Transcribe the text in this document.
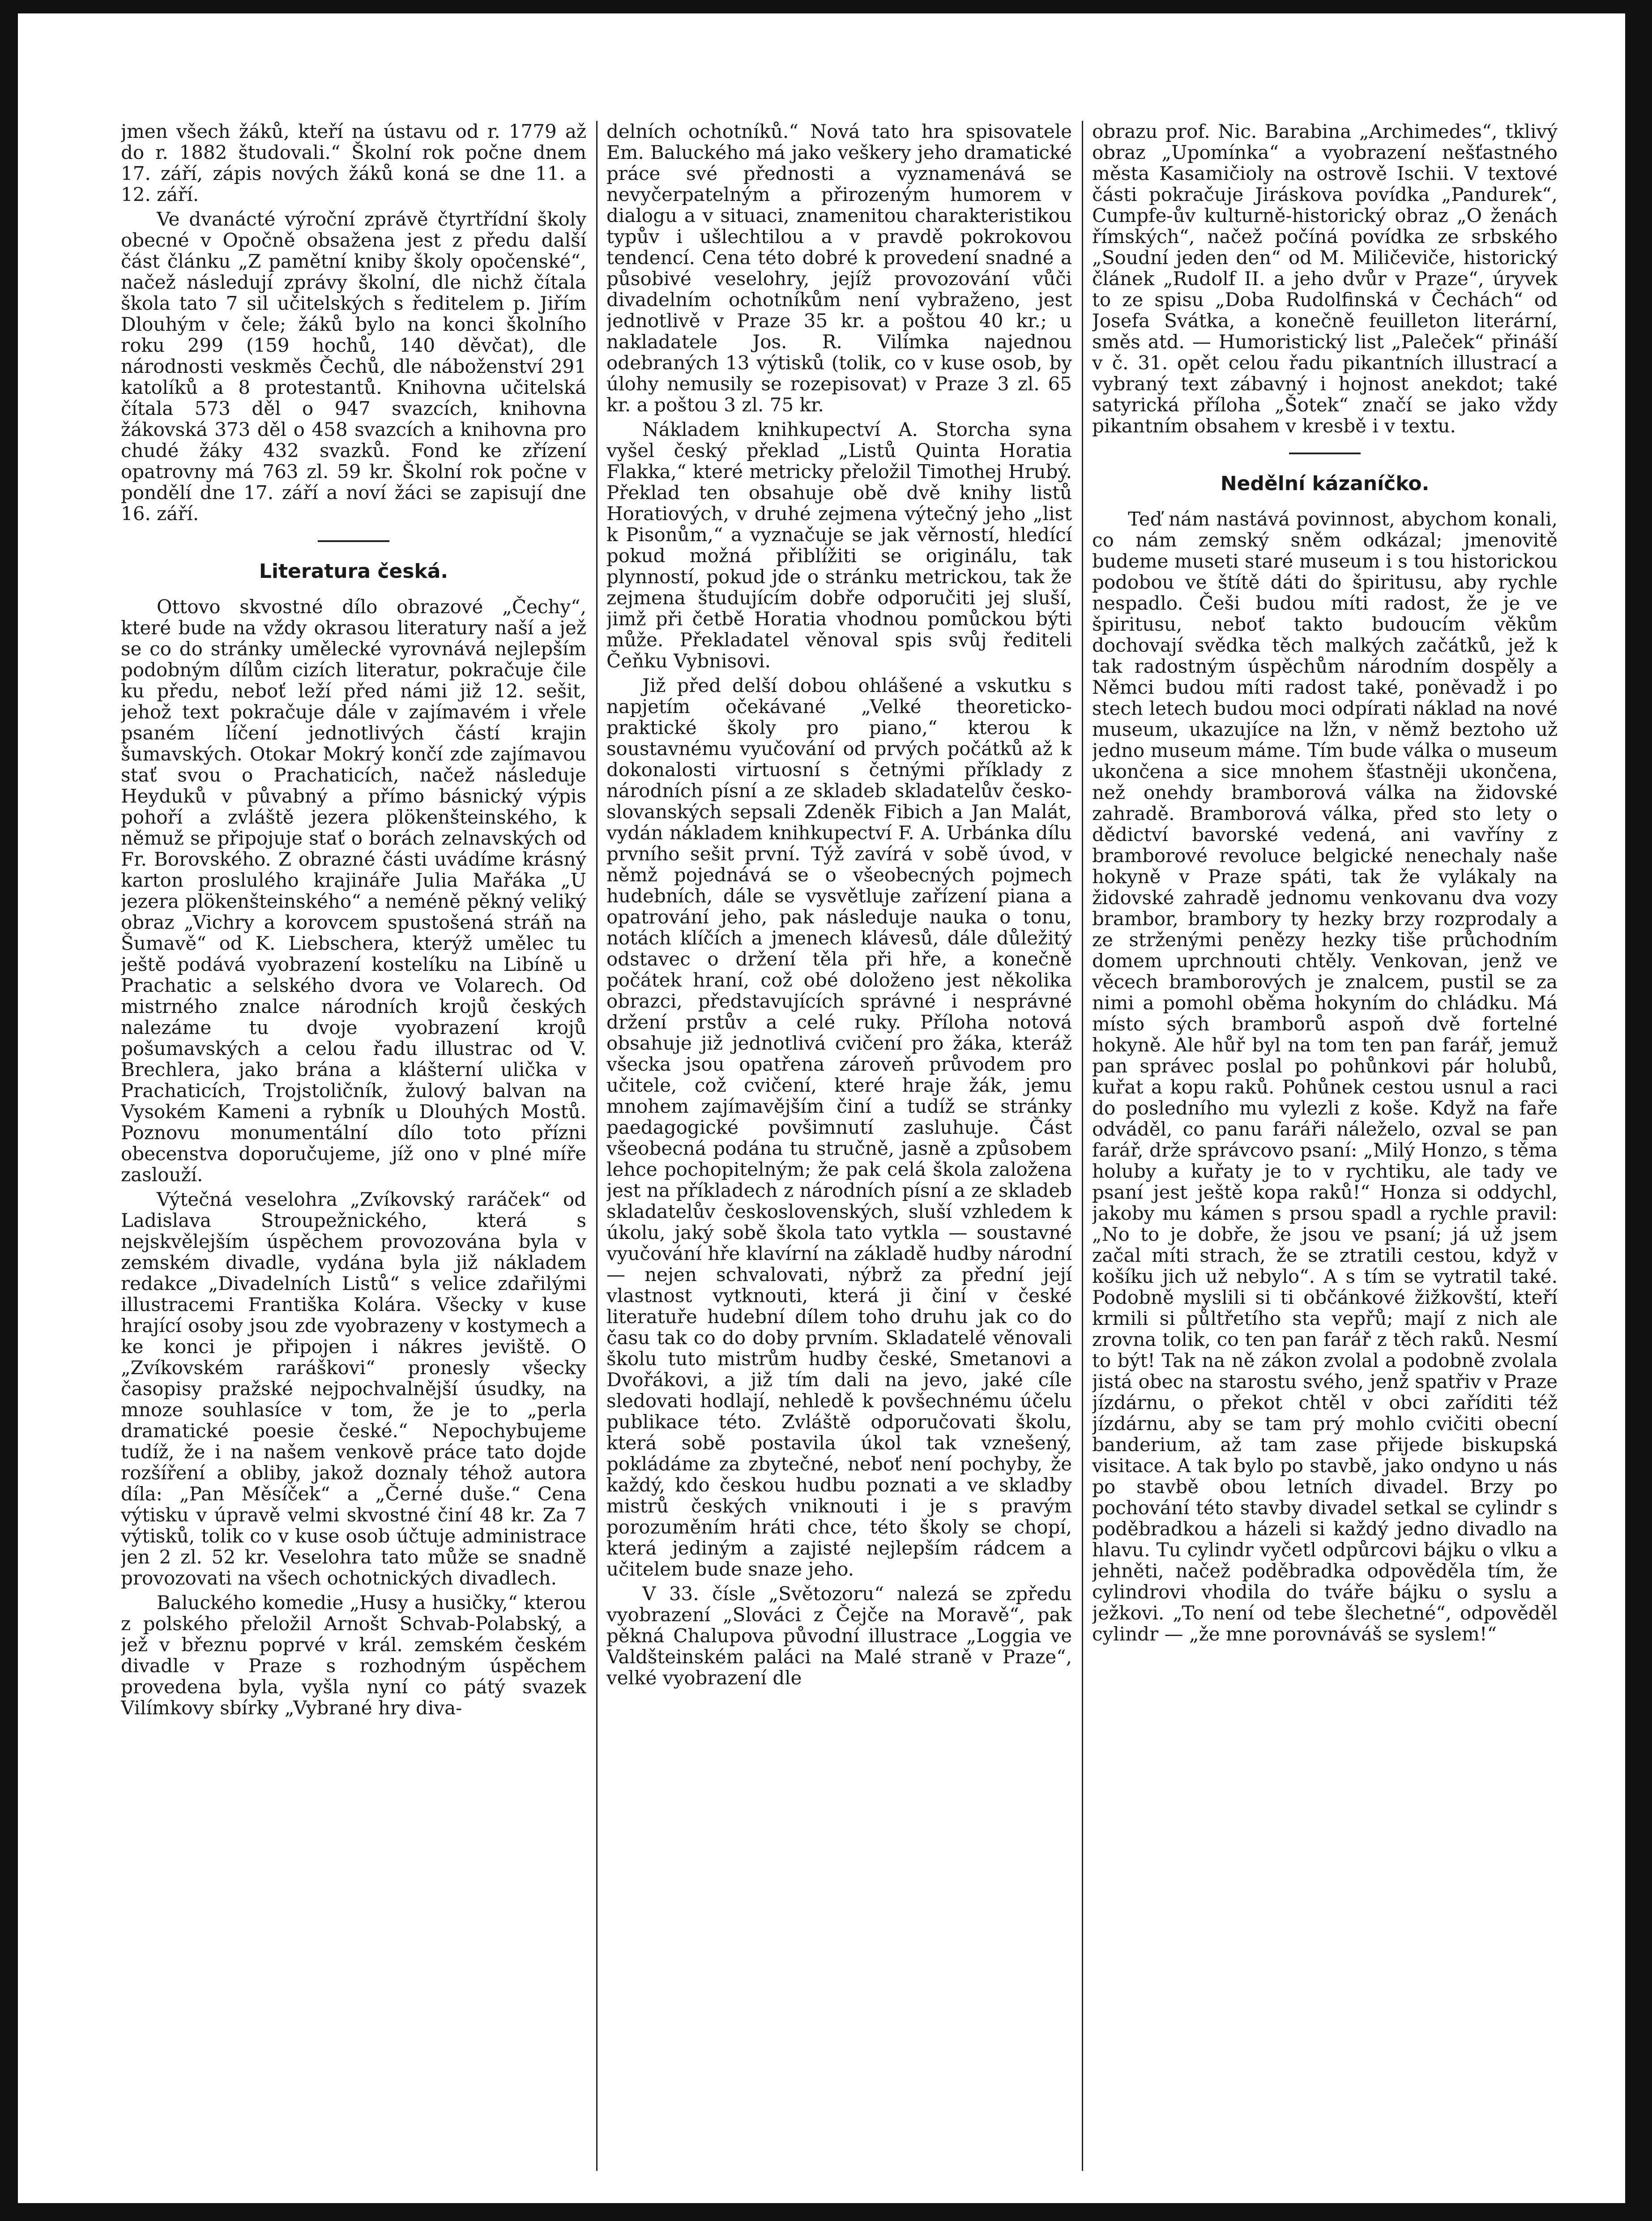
jmen všech žáků, kteří na ústavu od r. 1779 až do r. 1882 študovali.“ Školní rok počne dnem 17. září, zápis nových žáků koná se dne 11. a 12. září.

Ve dvanácté výroční zprávě čtyrtřídní školy obecné v Opočně obsažena jest z předu další část článku „Z pamětní kniby školy opočenské“, načež následují zprávy školní, dle nichž čítala škola tato 7 sil učitelských s ředitelem p. Jiřím Dlouhým v čele; žáků bylo na konci školního roku 299 (159 hochů, 140 děvčat), dle národnosti veskměs Čechů, dle náboženství 291 katolíků a 8 protestantů. Knihovna učitelská čítala 573 děl o 947 svazcích, knihovna žákovská 373 děl o 458 svazcích a knihovna pro chudé žáky 432 svazků. Fond ke zřízení opatrovny má 763 zl. 59 kr. Školní rok počne v pondělí dne 17. září a noví žáci se zapisují dne 16. září.

Literatura česká.

Ottovo skvostné dílo obrazové „Čechy“, které bude na vždy okrasou literatury naší a jež se co do stránky umělecké vyrovnává nejlepším podobným dílům cizích literatur, pokračuje čile ku předu, neboť leží před námi již 12. sešit, jehož text pokračuje dále v zajímavém i vřele psaném líčení jednotlivých částí krajin šumavských. Otokar Mokrý končí zde zajímavou stať svou o Prachaticích, načež následuje Heyduků v půvabný a přímo básnický výpis pohoří a zvláště jezera plökenšteinského, k němuž se připojuje stať o borách zelnavských od Fr. Borovského. Z obrazné části uvádíme krásný karton proslulého krajináře Julia Mařáka „U jezera plökenšteinského“ a neméně pěkný veliký obraz „Vichry a korovcem spustošená stráň na Šumavě“ od K. Liebschera, kterýž umělec tu ještě podává vyobrazení kostelíku na Libíně u Prachatic a selského dvora ve Volarech. Od mistrného znalce národních krojů českých nalezáme tu dvoje vyobrazení krojů pošumavských a celou řadu illustrac od V. Brechlera, jako brána a klášterní ulička v Prachaticích, Trojstoličník, žulový balvan na Vysokém Kameni a rybník u Dlouhých Mostů. Poznovu monumentální dílo toto přízni obecenstva doporučujeme, jíž ono v plné míře zaslouží.

Výtečná veselohra „Zvíkovský raráček“ od Ladislava Stroupežnického, která s nejskvělejším úspěchem provozována byla v zemském divadle, vydána byla již nákladem redakce „Divadelních Listů“ s velice zdařilými illustracemi Františka Kolára. Všecky v kuse hrající osoby jsou zde vyobrazeny v kostymech a ke konci je připojen i nákres jeviště. O „Zvíkovském raráškovi“ pronesly všecky časopisy pražské nejpochvalnější úsudky, na mnoze souhlasíce v tom, že je to „perla dramatické poesie české.“ Nepochybujeme tudíž, že i na našem venkově práce tato dojde rozšíření a obliby, jakož doznaly téhož autora díla: „Pan Měsíček“ a „Černé duše.“ Cena výtisku v úpravě velmi skvostné činí 48 kr. Za 7 výtisků, tolik co v kuse osob účtuje administrace jen 2 zl. 52 kr. Veselohra tato může se snadně provozovati na všech ochotnických divadlech.

Baluckého komedie „Husy a husičky,“ kterou z polského přeložil Arnošt Schvab-Polabský, a jež v březnu poprvé v král. zemském českém divadle v Praze s rozhodným úspěchem provedena byla, vyšla nyní co pátý svazek Vilímkovy sbírky „Vybrané hry diva-

delních ochotníků.“ Nová tato hra spisovatele Em. Baluckého má jako veškery jeho dramatické práce své přednosti a vyznamenává se nevyčerpatelným a přirozeným humorem v dialogu a v situaci, znamenitou charakteristikou typův i ušlechtilou a v pravdě pokrokovou tendencí. Cena této dobré k provedení snadné a působivé veselohry, jejíž provozování vůči divadelním ochotníkům není vybraženo, jest jednotlivě v Praze 35 kr. a poštou 40 kr.; u nakladatele Jos. R. Vilímka najednou odebraných 13 výtisků (tolik, co v kuse osob, by úlohy nemusily se rozepisovat) v Praze 3 zl. 65 kr. a poštou 3 zl. 75 kr.

Nákladem knihkupectví A. Storcha syna vyšel český překlad „Listů Quinta Horatia Flakka,“ které metricky přeložil Timothej Hrubý. Překlad ten obsahuje obě dvě knihy listů Horatiových, v druhé zejmena výtečný jeho „list k Pisonům,“ a vyznačuje se jak věrností, hledící pokud možná přiblížiti se originálu, tak plynností, pokud jde o stránku metrickou, tak že zejmena študujícím dobře odporučiti jej sluší, jimž při četbě Horatia vhodnou pomůckou býti může. Překladatel věnoval spis svůj řediteli Čeňku Vybnisovi.

Již před delší dobou ohlášené a vskutku s napjetím očekávané „Velké theoreticko-praktické školy pro piano,“ kterou k soustavnému vyučování od prvých počátků až k dokonalosti virtuosní s četnými příklady z národních písní a ze skladeb skladatelův česko-slovanských sepsali Zdeněk Fibich a Jan Malát, vydán nákladem knihkupectví F. A. Urbánka dílu prvního sešit první. Týž zavírá v sobě úvod, v němž pojednává se o všeobecných pojmech hudebních, dále se vysvětluje zařízení piana a opatrování jeho, pak následuje nauka o tonu, notách klíčích a jmenech klávesů, dále důležitý odstavec o držení těla při hře, a konečně počátek hraní, což obé doloženo jest několika obrazci, představujících správné i nesprávné držení prstův a celé ruky. Příloha notová obsahuje již jednotlivá cvičení pro žáka, kteráž všecka jsou opatřena zároveň průvodem pro učitele, což cvičení, které hraje žák, jemu mnohem zajímavějším činí a tudíž se stránky paedagogické povšimnutí zasluhuje. Část všeobecná podána tu stručně, jasně a způsobem lehce pochopitelným; že pak celá škola založena jest na příkladech z národních písní a ze skladeb skladatelův československých, sluší vzhledem k úkolu, jaký sobě škola tato vytkla — soustavné vyučování hře klavírní na základě hudby národní — nejen schvalovati, nýbrž za přední její vlastnost vytknouti, která ji činí v české literatuře hudební dílem toho druhu jak co do času tak co do doby prvním. Skladatelé věnovali školu tuto mistrům hudby české, Smetanovi a Dvořákovi, a již tím dali na jevo, jaké cíle sledovati hodlají, nehledě k povšechnému účelu publikace této. Zvláště odporučovati školu, která sobě postavila úkol tak vznešený, pokládáme za zbytečné, neboť není pochyby, že každý, kdo českou hudbu poznati a ve skladby mistrů českých vniknouti i je s pravým porozuměním hráti chce, této školy se chopí, která jediným a zajisté nejlepším rádcem a učitelem bude snaze jeho.

V 33. čísle „Světozoru“ nalezá se zpředu vyobrazení „Slováci z Čejče na Moravě“, pak pěkná Chalupova původní illustrace „Loggia ve Valdšteinském paláci na Malé straně v Praze“, velké vyobrazení dle

obrazu prof. Nic. Barabina „Archimedes“, tklivý obraz „Upomínka“ a vyobrazení nešťastného města Kasamičioly na ostrově Ischii. V textové části pokračuje Jiráskova povídka „Pandurek“, Cumpfe-ův kulturně-historický obraz „O ženách římských“, načež počíná povídka ze srbského „Soudní jeden den“ od M. Miličeviče, historický článek „Rudolf II. a jeho dvůr v Praze“, úryvek to ze spisu „Doba Rudolfinská v Čechách“ od Josefa Svátka, a konečně feuilleton literární, směs atd. — Humoristický list „Paleček“ přináší v č. 31. opět celou řadu pikantních illustrací a vybraný text zábavný i hojnost anekdot; také satyrická příloha „Šotek“ značí se jako vždy pikantním obsahem v kresbě i v textu.

Nedělní kázaníčko.

Teď nám nastává povinnost, abychom konali, co nám zemský sněm odkázal; jmenovitě budeme museti staré museum i s tou historickou podobou ve štítě dáti do špiritusu, aby rychle nespadlo. Češi budou míti radost, že je ve špiritusu, neboť takto budoucím věkům dochovají svědka těch malkých začátků, jež k tak radostným úspěchům národním dospěly a Němci budou míti radost také, poněvadž i po stech letech budou moci odpírati náklad na nové museum, ukazujíce na lžn, v němž beztoho už jedno museum máme. Tím bude válka o museum ukončena a sice mnohem šťastněji ukončena, než onehdy bramborová válka na židovské zahradě. Bramborová válka, před sto lety o dědictví bavorské vedená, ani vavříny z bramborové revoluce belgické nenechaly naše hokyně v Praze spáti, tak že vylákaly na židovské zahradě jednomu venkovanu dva vozy brambor, brambory ty hezky brzy rozprodaly a ze strženými penězy hezky tiše průchodním domem uprchnouti chtěly. Venkovan, jenž ve věcech bramborových je znalcem, pustil se za nimi a pomohl oběma hokyním do chládku. Má místo sých bramborů aspoň dvě fortelné hokyně. Ale hůř byl na tom ten pan farář, jemuž pan správec poslal po pohůnkovi pár holubů, kuřat a kopu raků. Pohůnek cestou usnul a raci do posledního mu vylezli z koše. Když na faře odváděl, co panu faráři náleželo, ozval se pan farář, drže správcovo psaní: „Milý Honzo, s těma holuby a kuřaty je to v rychtiku, ale tady ve psaní jest ještě kopa raků!“ Honza si oddychl, jakoby mu kámen s prsou spadl a rychle pravil: „No to je dobře, že jsou ve psaní; já už jsem začal míti strach, že se ztratili cestou, když v košíku jich už nebylo“. A s tím se vytratil také. Podobně myslili si ti občánkové žižkovští, kteří krmili si půltřetího sta vepřů; mají z nich ale zrovna tolik, co ten pan farář z těch raků. Nesmí to být! Tak na ně zákon zvolal a podobně zvolala jistá obec na starostu svého, jenž spatřiv v Praze jízdárnu, o překot chtěl v obci zaříditi též jízdárnu, aby se tam prý mohlo cvičiti obecní banderium, až tam zase přijede biskupská visitace. A tak bylo po stavbě, jako ondyno u nás po stavbě obou letních divadel. Brzy po pochování této stavby divadel setkal se cylindr s poděbradkou a házeli si každý jedno divadlo na hlavu. Tu cylindr vyčetl odpůrcovi bájku o vlku a jehněti, načež poděbradka odpověděla tím, že cylindrovi vhodila do tváře bájku o syslu a ježkovi. „To není od tebe šlechetné“, odpověděl cylindr — „že mne porovnáváš se syslem!“
